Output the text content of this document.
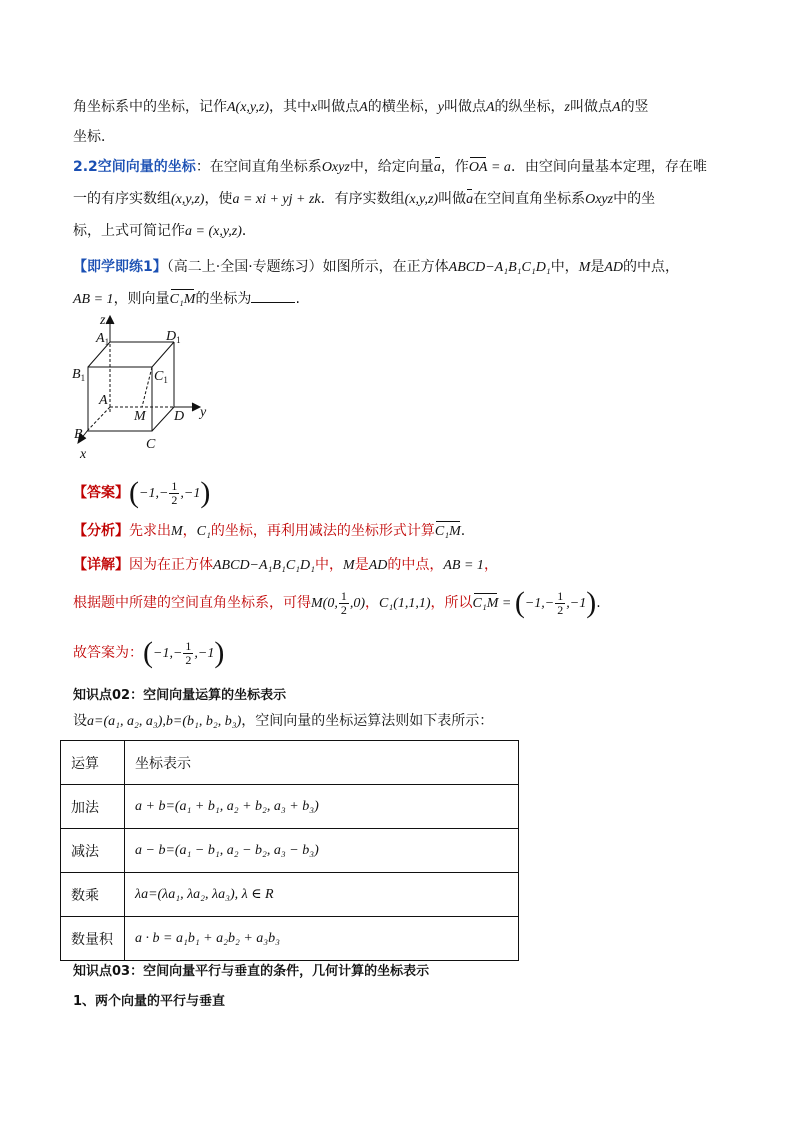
角坐标系中的坐标，记作A(x,y,z)，其中x叫做点A的横坐标，y叫做点A的纵坐标，z叫做点A的竖
坐标．
2.2空间向量的坐标：在空间直角坐标系Oxyz中，给定向量a，作OA = a．由空间向量基本定理，存在唯
一的有序实数组(x,y,z)，使a = xi + yj + zk．有序实数组(x,y,z)叫做a在空间直角坐标系Oxyz中的坐
标，上式可简记作a = (x,y,z)．
【即学即练1】（高二上·全国·专题练习）如图所示，在正方体ABCD−A₁B₁C₁D₁中，M是AD的中点，
AB = 1，则向量C₁M的坐标为	.
z
y
x
$A_1$	$D_1$
$B_1$	$C_1$
A
M D
B
C
【答案】$(-1,- \frac{1}{2} ,-1)$
【分析】先求出M，C₁的坐标，再利用减法的坐标形式计算C₁M.
【详解】因为在正方体ABCD−A₁B₁C₁D₁中，M是AD的中点，AB = 1，
根据题中所建的空间直角坐标系，可得M(0, $\frac{1}{2} ,0$)，C₁(1,1,1)，所以$C_1M = (-1,- \frac{1}{2} ,-1)$.
故答案为：$(-1,- \frac{1}{2} ,-1)$
知识点02：空间向量运算的坐标表示
设a=(a₁, a₂, a₃),b=(b₁, b₂, b₃)，空间向量的坐标运算法则如下表所示：
运算	坐标表示
加法	a + b=(a₁ + b₁, a₂ + b₂, a₃ + b₃)
减法	a − b=(a₁ − b₁, a₂ − b₂, a₃ − b₃)
数乘	λa=(λa₁, λa₂, λa₃), λ ∈ R
数量积	a · b = a₁b₁ + a₂b₂ + a₃b₃
知识点03：空间向量平行与垂直的条件，几何计算的坐标表示
1、两个向量的平行与垂直
